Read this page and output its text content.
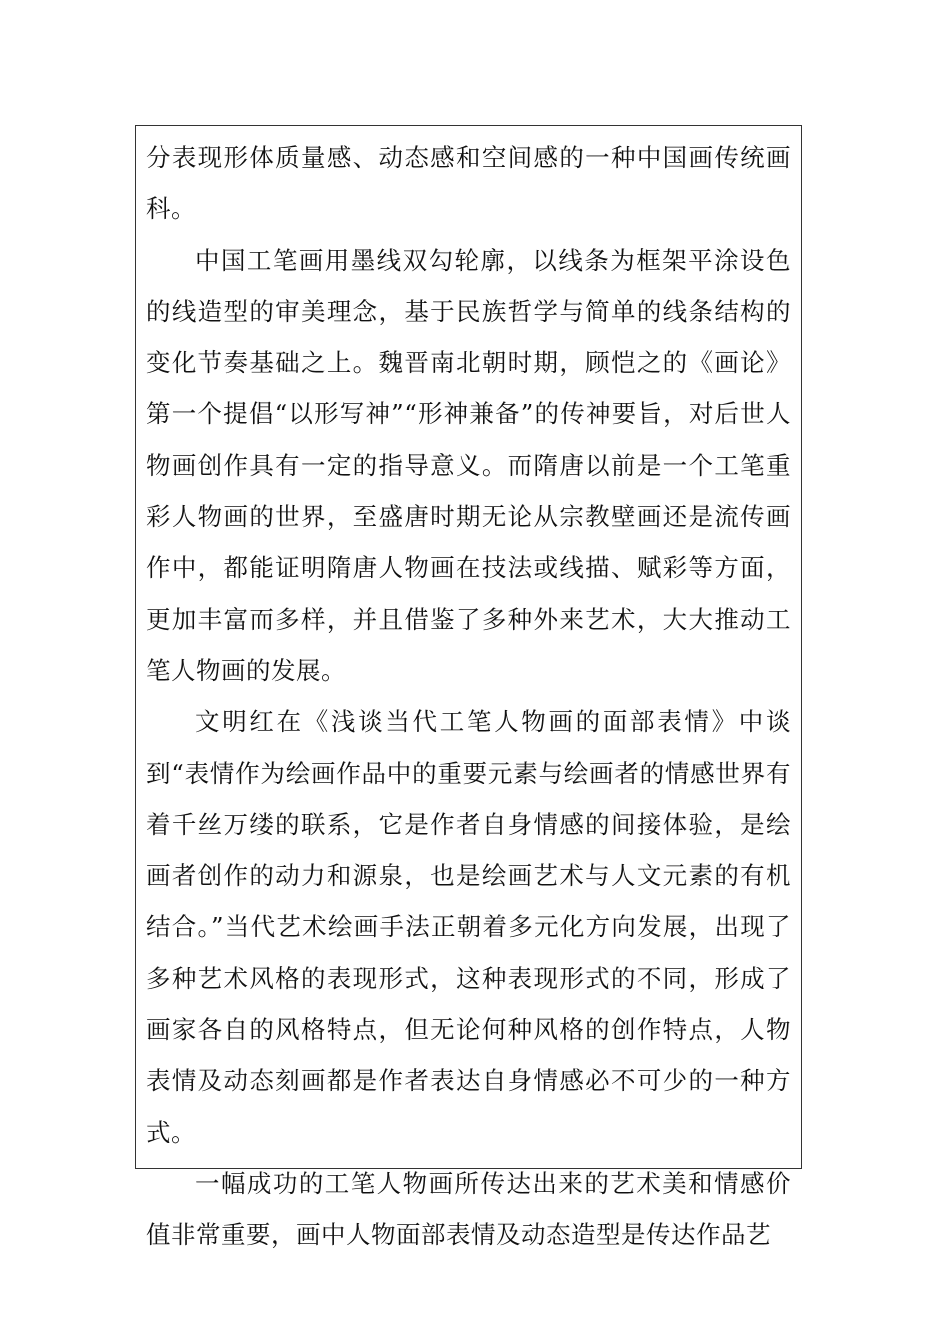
分表现形体质量感、动态感和空间感的一种中国画传统画科。

中国工笔画用墨线双勾轮廓，以线条为框架平涂设色的线造型的审美理念，基于民族哲学与简单的线条结构的变化节奏基础之上。魏晋南北朝时期，顾恺之的《画论》第一个提倡“以形写神”“形神兼备”的传神要旨，对后世人物画创作具有一定的指导意义。而隋唐以前是一个工笔重彩人物画的世界，至盛唐时期无论从宗教壁画还是流传画作中，都能证明隋唐人物画在技法或线描、赋彩等方面，更加丰富而多样，并且借鉴了多种外来艺术，大大推动工笔人物画的发展。

文明红在《浅谈当代工笔人物画的面部表情》中谈到“表情作为绘画作品中的重要元素与绘画者的情感世界有着千丝万缕的联系，它是作者自身情感的间接体验，是绘画者创作的动力和源泉，也是绘画艺术与人文元素的有机结合。”当代艺术绘画手法正朝着多元化方向发展，出现了多种艺术风格的表现形式，这种表现形式的不同，形成了画家各自的风格特点，但无论何种风格的创作特点，人物表情及动态刻画都是作者表达自身情感必不可少的一种方式。

一幅成功的工笔人物画所传达出来的艺术美和情感价值非常重要，画中人物面部表情及动态造型是传达作品艺
